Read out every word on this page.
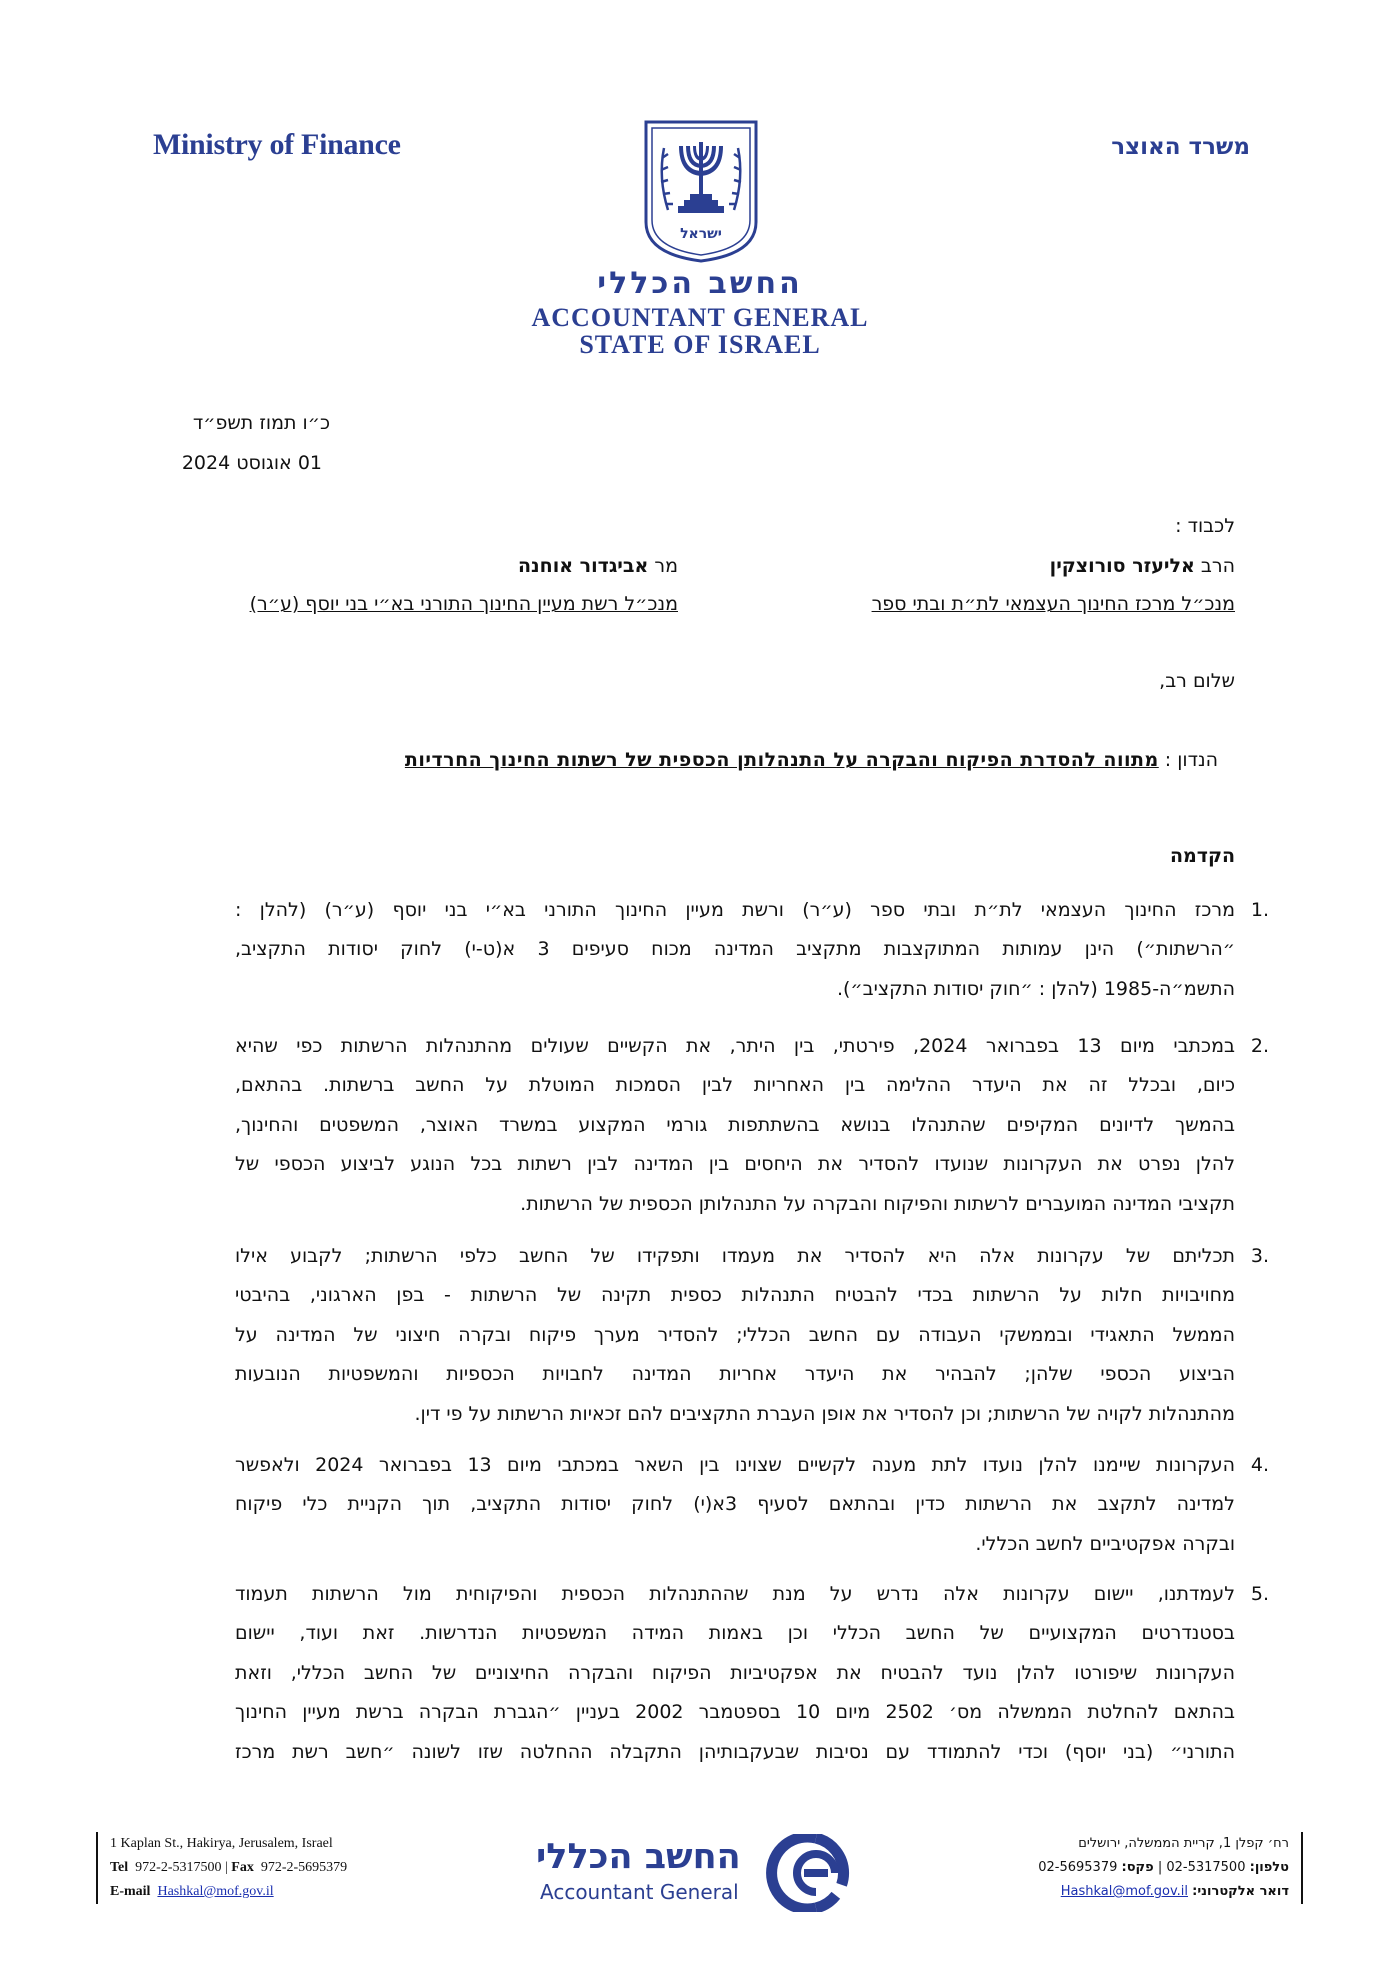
Ministry of Finance	משרד האוצר
ישראל
החשב הכללי
ACCOUNTANT GENERAL
STATE OF ISRAEL
כ״ו תמוז תשפ״ד
01 אוגוסט 2024
לכבוד :
הרב אליעזר סורוצקין
מנכ״ל מרכז החינוך העצמאי לת״ת ובתי ספר
מר אביגדור אוחנה
מנכ״ל רשת מעיין החינוך התורני בא״י בני יוסף (ע״ר)
שלום רב,
הנדון : מתווה להסדרת הפיקוח והבקרה על התנהלותן הכספית של רשתות החינוך החרדיות
הקדמה
.1
מרכז החינוך העצמאי לת״ת ובתי ספר (ע״ר) ורשת מעיין החינוך התורני בא״י בני יוסף (ע״ר) (להלן :
״הרשתות״) הינן עמותות המתוקצבות מתקציב המדינה מכוח סעיפים 3 א(ט-י) לחוק יסודות התקציב,
התשמ״ה-1985 (להלן : ״חוק יסודות התקציב״).
.2
במכתבי מיום 13 בפברואר 2024, פירטתי, בין היתר, את הקשיים שעולים מהתנהלות הרשתות כפי שהיא
כיום, ובכלל זה את היעדר ההלימה בין האחריות לבין הסמכות המוטלת על החשב ברשתות. בהתאם,
בהמשך לדיונים המקיפים שהתנהלו בנושא בהשתתפות גורמי המקצוע במשרד האוצר, המשפטים והחינוך,
להלן נפרט את העקרונות שנועדו להסדיר את היחסים בין המדינה לבין רשתות בכל הנוגע לביצוע הכספי של
תקציבי המדינה המועברים לרשתות והפיקוח והבקרה על התנהלותן הכספית של הרשתות.
.3
תכליתם של עקרונות אלה היא להסדיר את מעמדו ותפקידו של החשב כלפי הרשתות; לקבוע אילו
מחויבויות חלות על הרשתות בכדי להבטיח התנהלות כספית תקינה של הרשתות - בפן הארגוני, בהיבטי
הממשל התאגידי ובממשקי העבודה עם החשב הכללי; להסדיר מערך פיקוח ובקרה חיצוני של המדינה על
הביצוע הכספי שלהן; להבהיר את היעדר אחריות המדינה לחבויות הכספיות והמשפטיות הנובעות
מהתנהלות לקויה של הרשתות; וכן להסדיר את אופן העברת התקציבים להם זכאיות הרשתות על פי דין.
.4
העקרונות שיימנו להלן נועדו לתת מענה לקשיים שצוינו בין השאר במכתבי מיום 13 בפברואר 2024 ולאפשר
למדינה לתקצב את הרשתות כדין ובהתאם לסעיף 3א(י) לחוק יסודות התקציב, תוך הקניית כלי פיקוח
ובקרה אפקטיביים לחשב הכללי.
.5
לעמדתנו, יישום עקרונות אלה נדרש על מנת שההתנהלות הכספית והפיקוחית מול הרשתות תעמוד
בסטנדרטים המקצועיים של החשב הכללי וכן באמות המידה המשפטיות הנדרשות. זאת ועוד, יישום
העקרונות שיפורטו להלן נועד להבטיח את אפקטיביות הפיקוח והבקרה החיצוניים של החשב הכללי, וזאת
בהתאם להחלטת הממשלה מס׳ 2502 מיום 10 בספטמבר 2002 בעניין ״הגברת הבקרה ברשת מעיין החינוך
התורני״ (בני יוסף) וכדי להתמודד עם נסיבות שבעקבותיהן התקבלה ההחלטה שזו לשונה ״חשב רשת מרכז
1 Kaplan St., Hakirya, Jerusalem, Israel
Tel 972-2-5317500 | Fax 972-2-5695379
E-mail Hashkal@mof.gov.il
החשב הכללי
Accountant General
רח׳ קפלן 1, קריית הממשלה, ירושלים
טלפון: 02-5317500 | פקס: 02-5695379
דואר אלקטרוני: Hashkal@mof.gov.il
